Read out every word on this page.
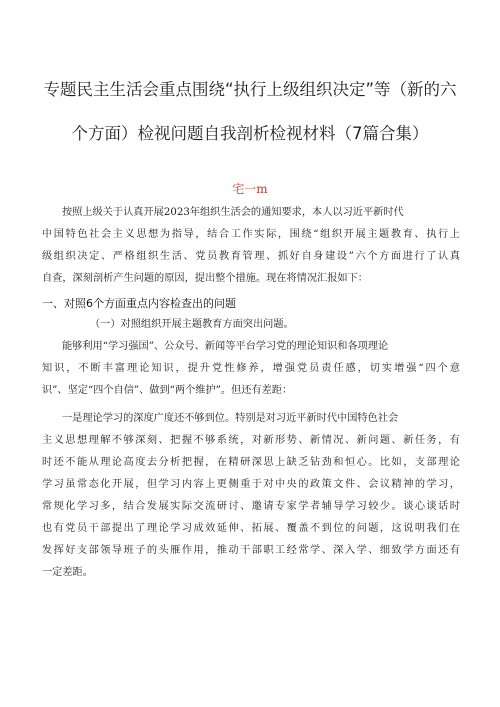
专题民主生活会重点围绕“执行上级组织决定”等（新的六
个方面）检视问题自我剖析检视材料（7篇合集）
宅一m
按照上级关于认真开展2023年组织生活会的通知要求，本人以习近平新时代
中国特色社会主义思想为指导，结合工作实际，围绕“组织开展主题教育、执行上
级组织决定、严格组织生活、党员教育管理、抓好自身建设”六个方面进行了认真
自查，深刻剖析产生问题的原因，提出整个措施。现在将情况汇报如下：
一、对照6个方面重点内容检查出的问题
（一）对照组织开展主题教育方面突出问题。
能够利用“学习强国”、公众号、新闻等平台学习党的理论知识和各项理论
知识，不断丰富理论知识，提升党性修养，增强党员责任感，切实增强“四个意
识”、坚定“四个自信”、做到“两个维护”。但还有差距：
一是理论学习的深度广度还不够到位。特别是对习近平新时代中国特色社会
主义思想理解不够深刻、把握不够系统，对新形势、新情况、新问题、新任务，有
时还不能从理论高度去分析把握，在精研深思上缺乏钻劲和恒心。比如，支部理论
学习虽常态化开展，但学习内容上更侧重于对中央的政策文件、会议精神的学习，
常规化学习多，结合发展实际交流研讨、邀请专家学者辅导学习较少。谈心谈话时
也有党员干部提出了理论学习成效延伸、拓展、覆盖不到位的问题，这说明我们在
发挥好支部领导班子的头雁作用，推动干部职工经常学、深入学、细致学方面还有
一定差距。
